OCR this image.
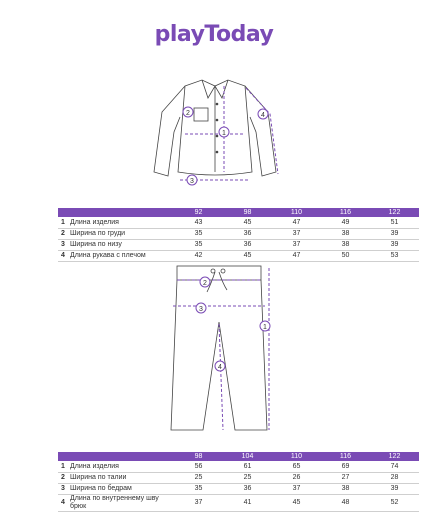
playToday
1
2
3
4
		92	98	110	116	122
1	Длина изделия	43	45	47	49	51
2	Ширина по груди	35	36	37	38	39
3	Ширина по низу	35	36	37	38	39
4	Длина рукава с плечом	42	45	47	50	53
1
2
3
4
		98	104	110	116	122
1	Длина изделия	56	61	65	69	74
2	Ширина по талии	25	25	26	27	28
3	Ширина по бедрам	35	36	37	38	39
4	Длина по внутреннему шву брюк	37	41	45	48	52
